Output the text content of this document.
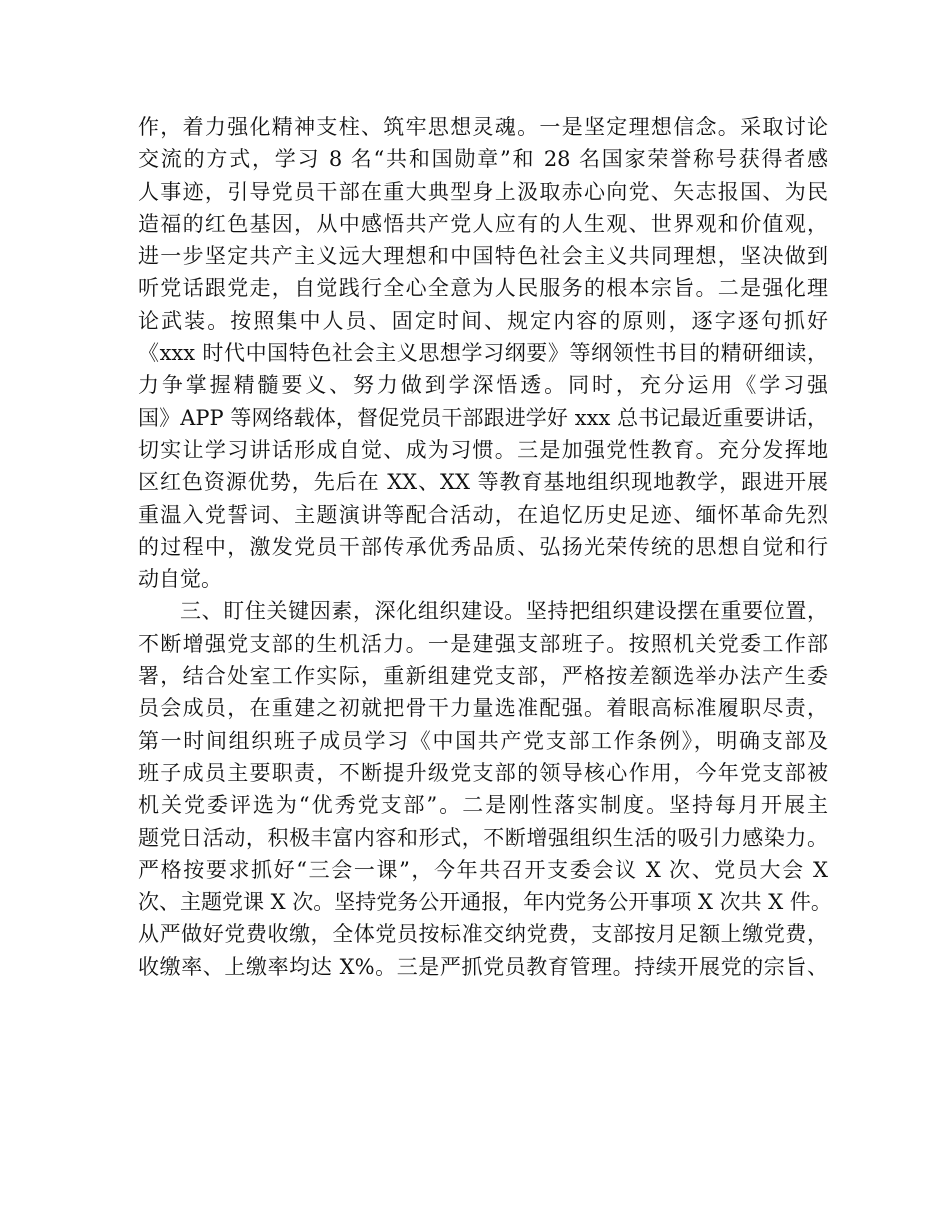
作，着力强化精神支柱、筑牢思想灵魂。一是坚定理想信念。采取讨论
交流的方式，学习 8 名“共和国勋章”和 28 名国家荣誉称号获得者感
人事迹，引导党员干部在重大典型身上汲取赤心向党、矢志报国、为民
造福的红色基因，从中感悟共产党人应有的人生观、世界观和价值观，
进一步坚定共产主义远大理想和中国特色社会主义共同理想，坚决做到
听党话跟党走，自觉践行全心全意为人民服务的根本宗旨。二是强化理
论武装。按照集中人员、固定时间、规定内容的原则，逐字逐句抓好
《xxx 时代中国特色社会主义思想学习纲要》等纲领性书目的精研细读，
力争掌握精髓要义、努力做到学深悟透。同时，充分运用《学习强
国》APP 等网络载体，督促党员干部跟进学好 xxx 总书记最近重要讲话，
切实让学习讲话形成自觉、成为习惯。三是加强党性教育。充分发挥地
区红色资源优势，先后在 XX、XX 等教育基地组织现地教学，跟进开展
重温入党誓词、主题演讲等配合活动，在追忆历史足迹、缅怀革命先烈
的过程中，激发党员干部传承优秀品质、弘扬光荣传统的思想自觉和行
动自觉。
三、盯住关键因素，深化组织建设。坚持把组织建设摆在重要位置，
不断增强党支部的生机活力。一是建强支部班子。按照机关党委工作部
署，结合处室工作实际，重新组建党支部，严格按差额选举办法产生委
员会成员，在重建之初就把骨干力量选准配强。着眼高标准履职尽责，
第一时间组织班子成员学习《中国共产党支部工作条例》，明确支部及
班子成员主要职责，不断提升级党支部的领导核心作用，今年党支部被
机关党委评选为“优秀党支部”。二是刚性落实制度。坚持每月开展主
题党日活动，积极丰富内容和形式，不断增强组织生活的吸引力感染力。
严格按要求抓好“三会一课”，今年共召开支委会议 X 次、党员大会 X
次、主题党课 X 次。坚持党务公开通报，年内党务公开事项 X 次共 X 件。
从严做好党费收缴，全体党员按标准交纳党费，支部按月足额上缴党费，
收缴率、上缴率均达 X%。三是严抓党员教育管理。持续开展党的宗旨、
